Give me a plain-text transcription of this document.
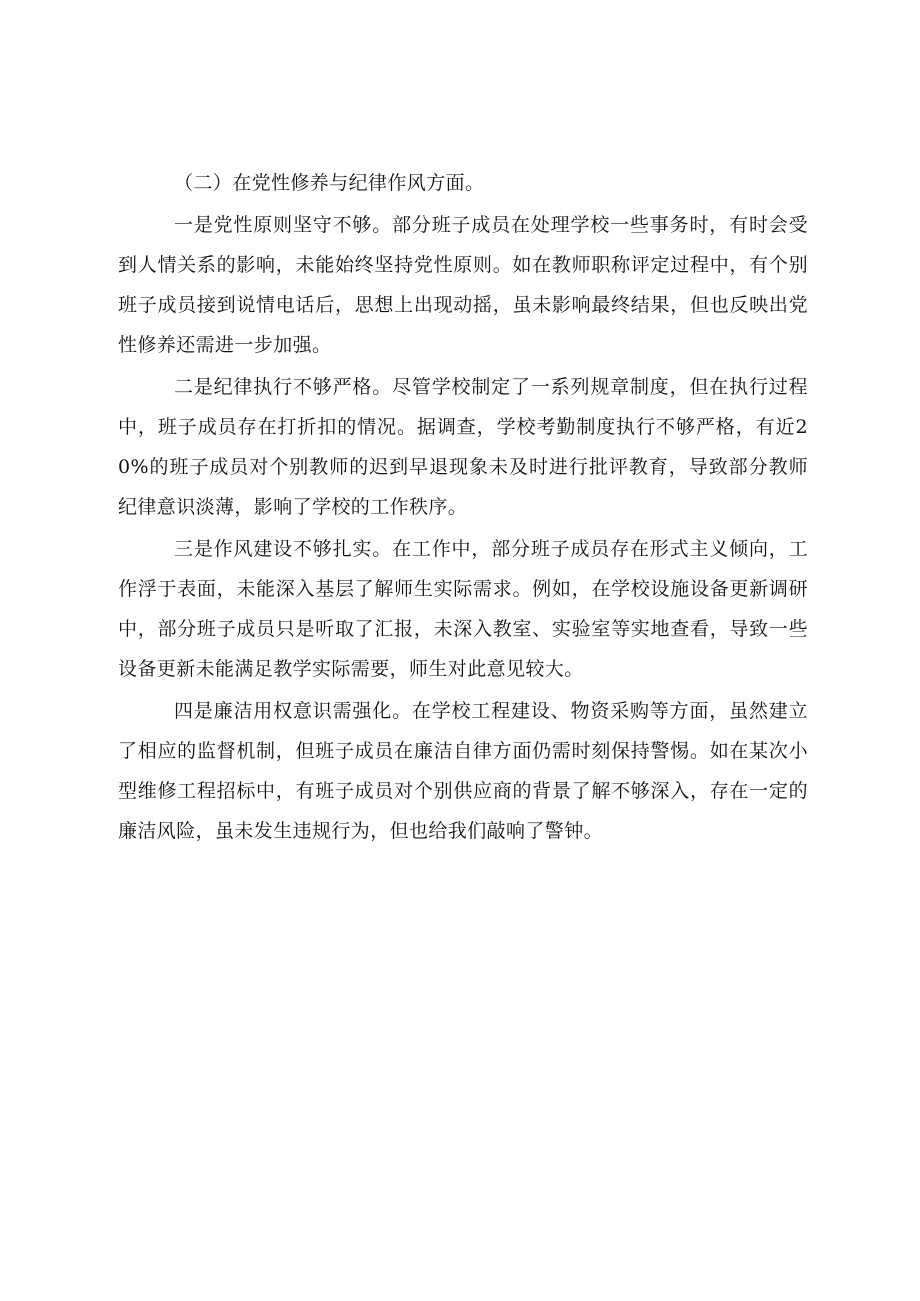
（二）在党性修养与纪律作风方面。

一是党性原则坚守不够。部分班子成员在处理学校一些事务时，有时会受到人情关系的影响，未能始终坚持党性原则。如在教师职称评定过程中，有个别班子成员接到说情电话后，思想上出现动摇，虽未影响最终结果，但也反映出党性修养还需进一步加强。

二是纪律执行不够严格。尽管学校制定了一系列规章制度，但在执行过程中，班子成员存在打折扣的情况。据调查，学校考勤制度执行不够严格，有近20%的班子成员对个别教师的迟到早退现象未及时进行批评教育，导致部分教师纪律意识淡薄，影响了学校的工作秩序。

三是作风建设不够扎实。在工作中，部分班子成员存在形式主义倾向，工作浮于表面，未能深入基层了解师生实际需求。例如，在学校设施设备更新调研中，部分班子成员只是听取了汇报，未深入教室、实验室等实地查看，导致一些设备更新未能满足教学实际需要，师生对此意见较大。

四是廉洁用权意识需强化。在学校工程建设、物资采购等方面，虽然建立了相应的监督机制，但班子成员在廉洁自律方面仍需时刻保持警惕。如在某次小型维修工程招标中，有班子成员对个别供应商的背景了解不够深入，存在一定的廉洁风险，虽未发生违规行为，但也给我们敲响了警钟。
